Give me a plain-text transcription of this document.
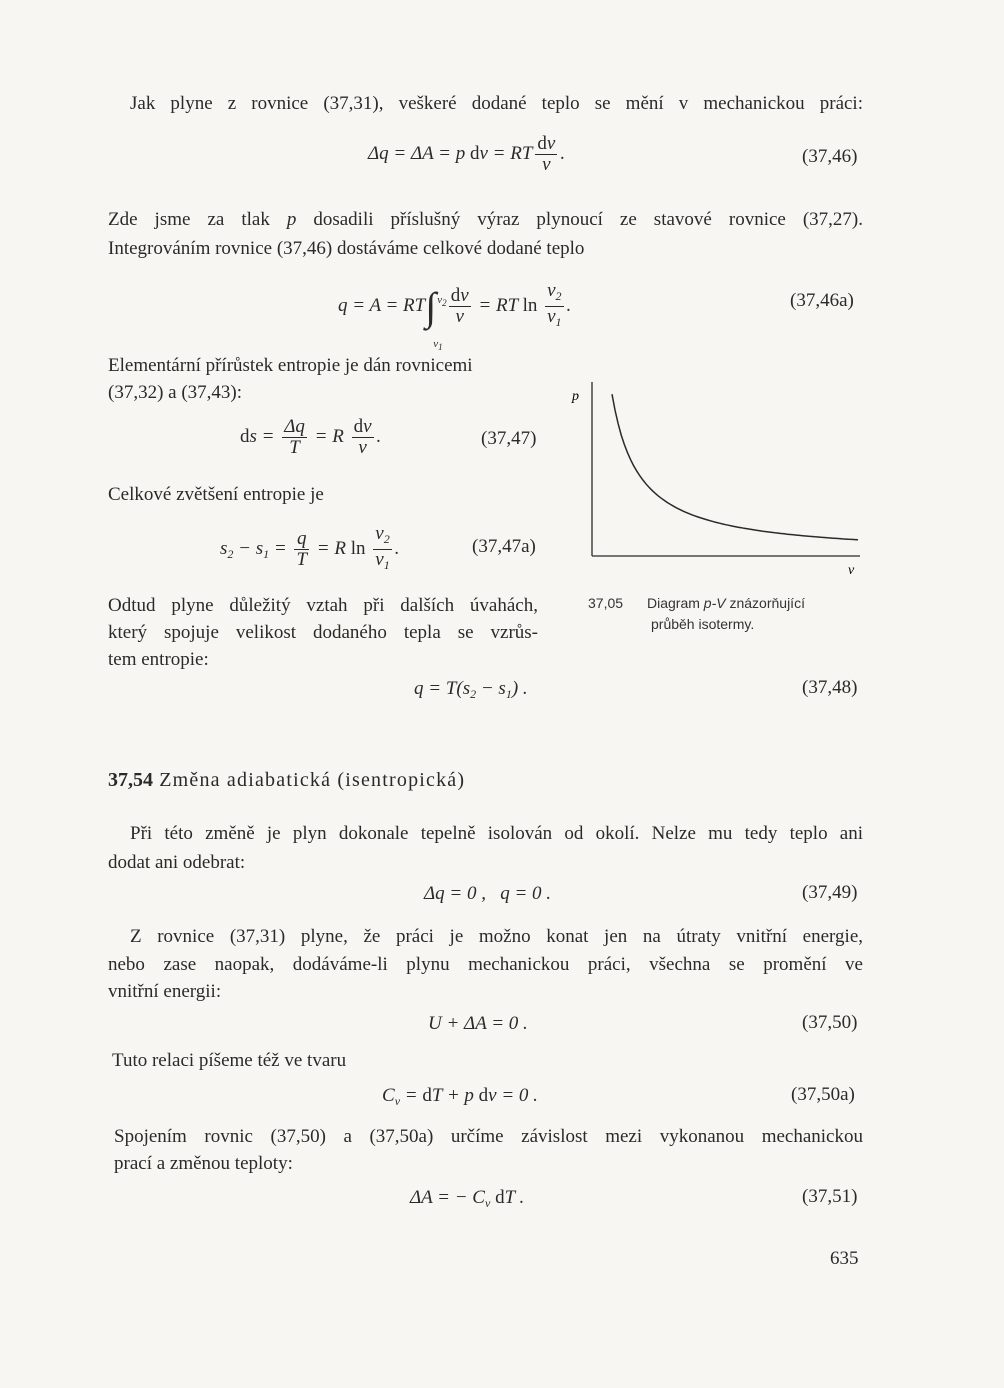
Jak plyne z rovnice (37,31), veškeré dodané teplo se mění v mechanickou práci:
Δq = ΔA = p dv = RT $\frac{dv}{v}$ .	(37,46)
Zde jsme za tlak p dosadili příslušný výraz plynoucí ze stavové rovnice (37,27).
Integrováním rovnice (37,46) dostáváme celkové dodané teplo
q = A = RT∫ $v_2$
$v_1$

$\frac{dv}{v}$ = RT $\ln \frac{v_2}{v_1}$ .	(37,46a)
Elementární přírůstek entropie je dán rovnicemi
(37,32) a (37,43):
ds = $\frac{\Delta q}{T} = R \frac{dv}{v}$ .	(37,47)
Celkové zvětšení entropie je
$s_2 - s_1 = \frac{q}{T} = R$ $\ln \frac{v_2}{v_1}$ .	(37,47a)
p
v
37,05 Diagram p-V znázorňující
průběh isotermy.
Odtud plyne důležitý vztah při dalších úvahách,
který spojuje velikost dodaného tepla se vzrůs-
tem entropie:
$q = T(s_2 - s_1)$ .	(37,48)
37,54 Změna adiabatická (isentropická)
Při této změně je plyn dokonale tepelně isolován od okolí. Nelze mu tedy teplo ani
dodat ani odebrat:
Δq = 0 ,   q = 0 .	(37,49)
Z rovnice (37,31) plyne, že práci je možno konat jen na útraty vnitřní energie,
nebo zase naopak, dodáváme-li plynu mechanickou práci, všechna se promění ve
vnitřní energii:
U + ΔA = 0 .	(37,50)
Tuto relaci píšeme též ve tvaru
$C_v$ = dT + p dv = 0 .	(37,50a)
Spojením rovnic (37,50) a (37,50a) určíme závislost mezi vykonanou mechanickou
prací a změnou teploty:
ΔA = − $C_v$ dT .	(37,51)
635
